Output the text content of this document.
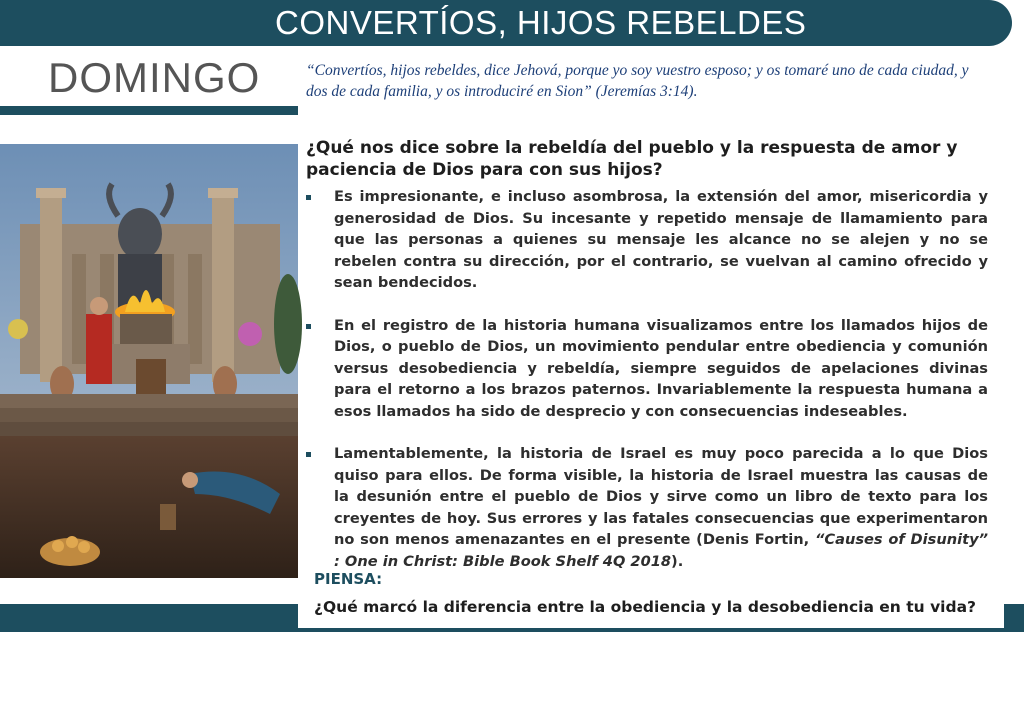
CONVERTÍOS, HIJOS REBELDES
DOMINGO	“Convertíos, hijos rebeldes, dice Jehová, porque yo soy vuestro esposo; y os tomaré uno de cada ciudad, y dos de cada familia, y os introduciré en Sion” (Jeremías 3:14).
© G

¿Qué nos dice sobre la rebeldía del pueblo y la respuesta de amor y paciencia de Dios para con sus hijos?

Es impresionante, e incluso asombrosa, la extensión del amor, misericordia y generosidad de Dios. Su incesante y repetido mensaje de llamamiento para que las personas a quienes su mensaje les alcance no se alejen y no se rebelen contra su dirección, por el contrario, se vuelvan al camino ofrecido y sean bendecidos.
En el registro de la historia humana visualizamos entre los llamados hijos de Dios, o pueblo de Dios, un movimiento pendular entre obediencia y comunión versus desobediencia y rebeldía, siempre seguidos de apelaciones divinas para el retorno a los brazos paternos. Invariablemente la respuesta humana a esos llamados ha sido de desprecio y con consecuencias indeseables.
Lamentablemente, la historia de Israel es muy poco parecida a lo que Dios quiso para ellos. De forma visible, la historia de Israel muestra las causas de la desunión entre el pueblo de Dios y sirve como un libro de texto para los creyentes de hoy. Sus errores y las fatales consecuencias que experimentaron no son menos amenazantes en el presente (Denis Fortin, “Causes of Disunity” : One in Christ: Bible Book Shelf 4Q 2018).
PIENSA:
¿Qué marcó la diferencia entre la obediencia y la desobediencia en tu vida?
